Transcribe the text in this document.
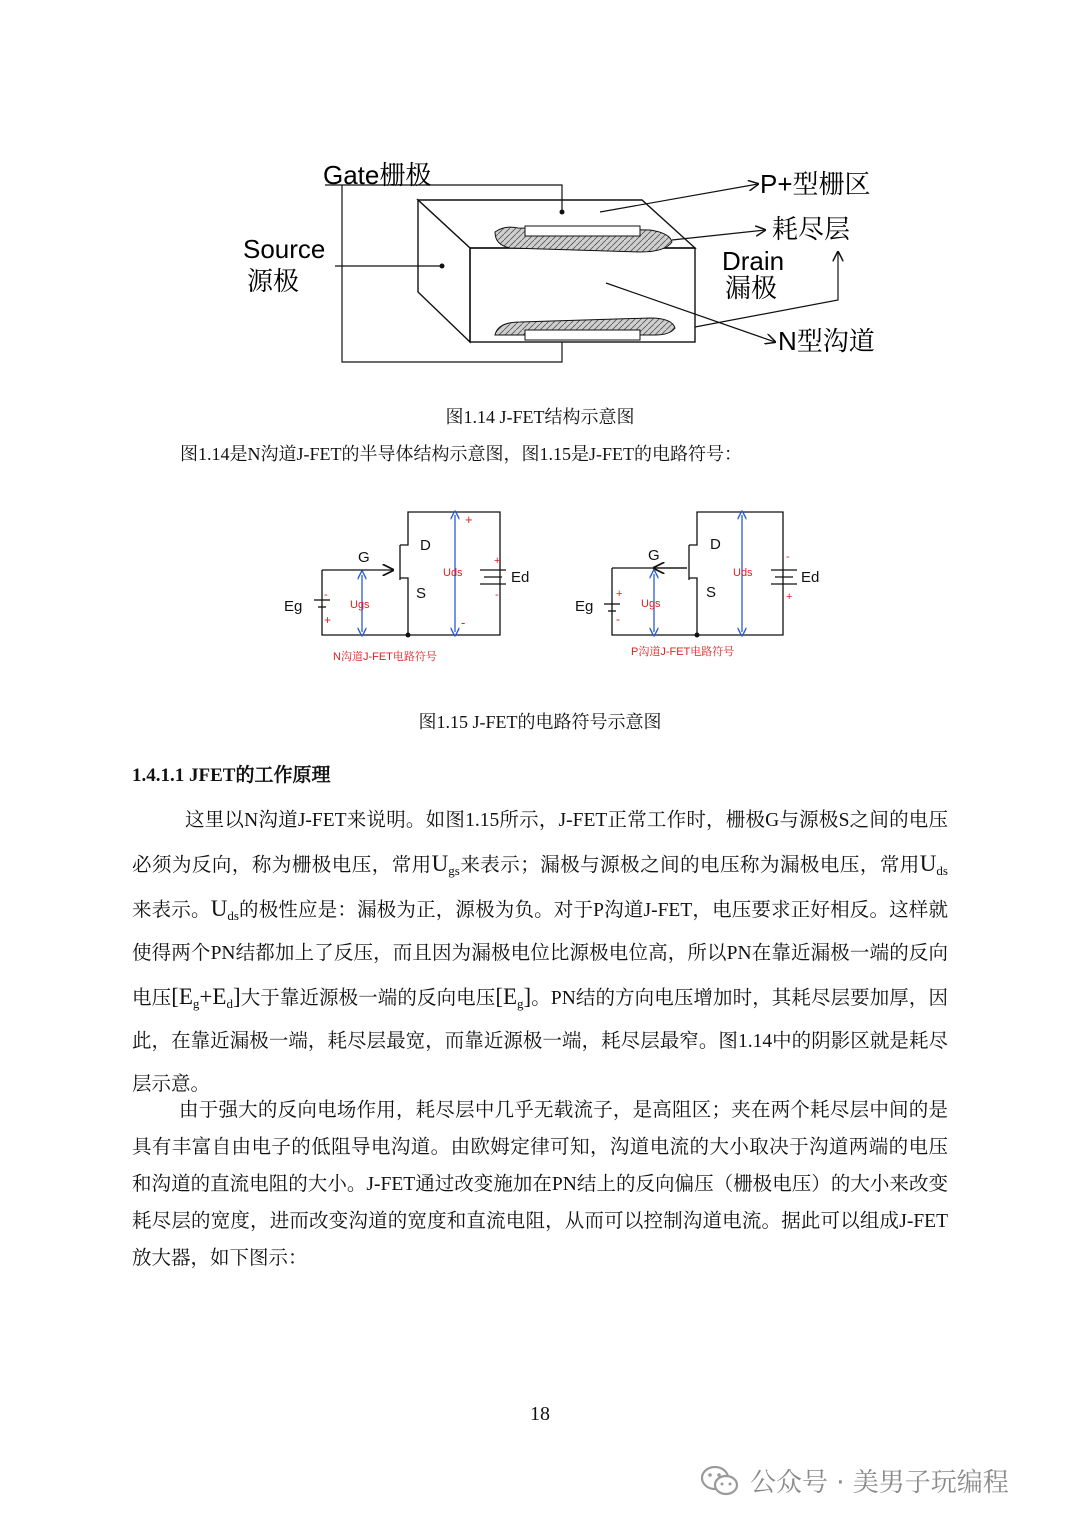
Gate栅极
Source
源极
Drain
漏极
P+型栅区
耗尽层
N型沟道
图1.14 J-FET结构示意图
图1.14是N沟道J-FET的半导体结构示意图，图1.15是J-FET的电路符号：
G
D
S
Eg
Ed
Ugs
Uds
-
+
+
-
+
-
N沟道J-FET电路符号
G
D
S
Eg
Ed
Ugs
Uds
+
-
-
+
P沟道J-FET电路符号
图1.15 J-FET的电路符号示意图
1.4.1.1 JFET的工作原理
这里以N沟道J-FET来说明。如图1.15所示，J-FET正常工作时，栅极G与源极S之间的电压必须为反向，称为栅极电压，常用$U_{gs}$来表示；漏极与源极之间的电压称为漏极电压，常用$U_{ds}$来表示。$U_{ds}$的极性应是：漏极为正，源极为负。对于P沟道J-FET，电压要求正好相反。这样就使得两个PN结都加上了反压，而且因为漏极电位比源极电位高，所以PN在靠近漏极一端的反向电压$[E_g+E_d]$大于靠近源极一端的反向电压$[E_g]$。PN结的方向电压增加时，其耗尽层要加厚，因此，在靠近漏极一端，耗尽层最宽，而靠近源极一端，耗尽层最窄。图1.14中的阴影区就是耗尽层示意。
由于强大的反向电场作用，耗尽层中几乎无载流子，是高阻区；夹在两个耗尽层中间的是具有丰富自由电子的低阻导电沟道。由欧姆定律可知，沟道电流的大小取决于沟道两端的电压和沟道的直流电阻的大小。J-FET通过改变施加在PN结上的反向偏压（栅极电压）的大小来改变耗尽层的宽度，进而改变沟道的宽度和直流电阻，从而可以控制沟道电流。据此可以组成J-FET放大器，如下图示：
18
公众号 · 美男子玩编程
